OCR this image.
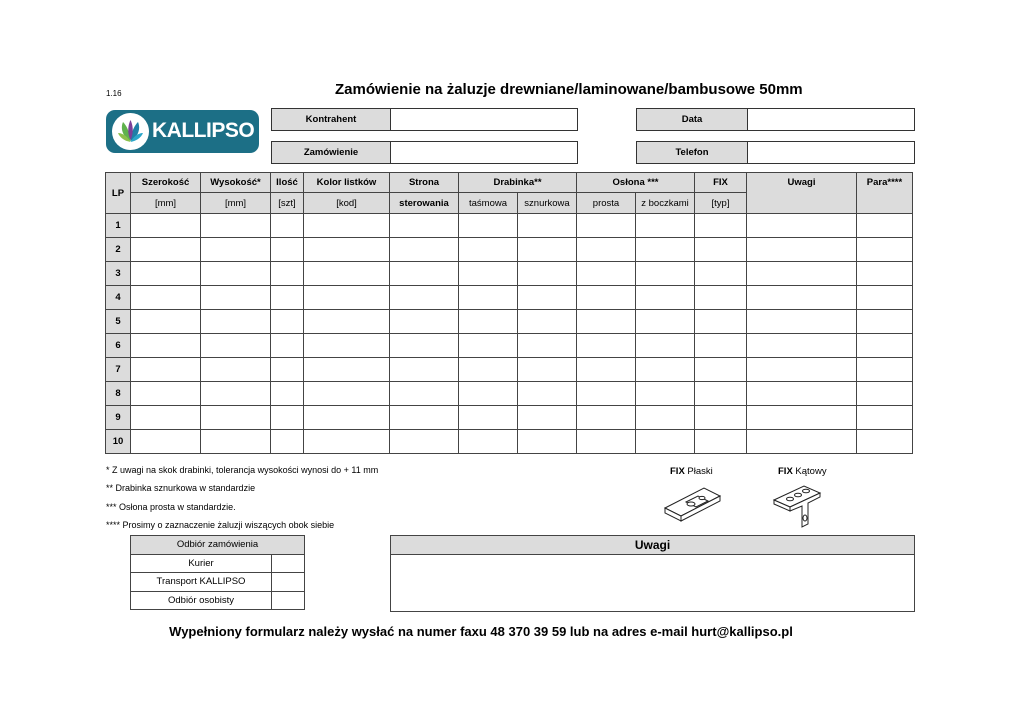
1.16	Zamówienie na żaluzje drewniane/laminowane/bambusowe 50mm
KALLIPSO	Kontrahent
Zamówienie
Data
Telefon
LP	Szerokość	Wysokość*	Ilość	Kolor listków	Strona	Drabinka**		Osłona ***		FIX	Uwagi	Para****
	[mm]	[mm]	[szt]	[kod]	sterowania	taśmowa	sznurkowa	prosta	z boczkami	[typ]		
1												
2												
3												
4												
5												
6												
7												
8												
9												
10												
* Z uwagi na skok drabinki, tolerancja wysokości wynosi do + 11 mm
** Drabinka sznurkowa w standardzie
*** Osłona prosta w standardzie.
**** Prosimy o zaznaczenie żaluzji wiszących obok siebie
FIX Płaski	FIX Kątowy
Odbiór zamówienia	
Kurier	
Transport KALLIPSO	
Odbiór osobisty	
Uwagi
Wypełniony formularz należy wysłać na numer faxu 48 370 39 59 lub na adres e-mail hurt@kallipso.pl
